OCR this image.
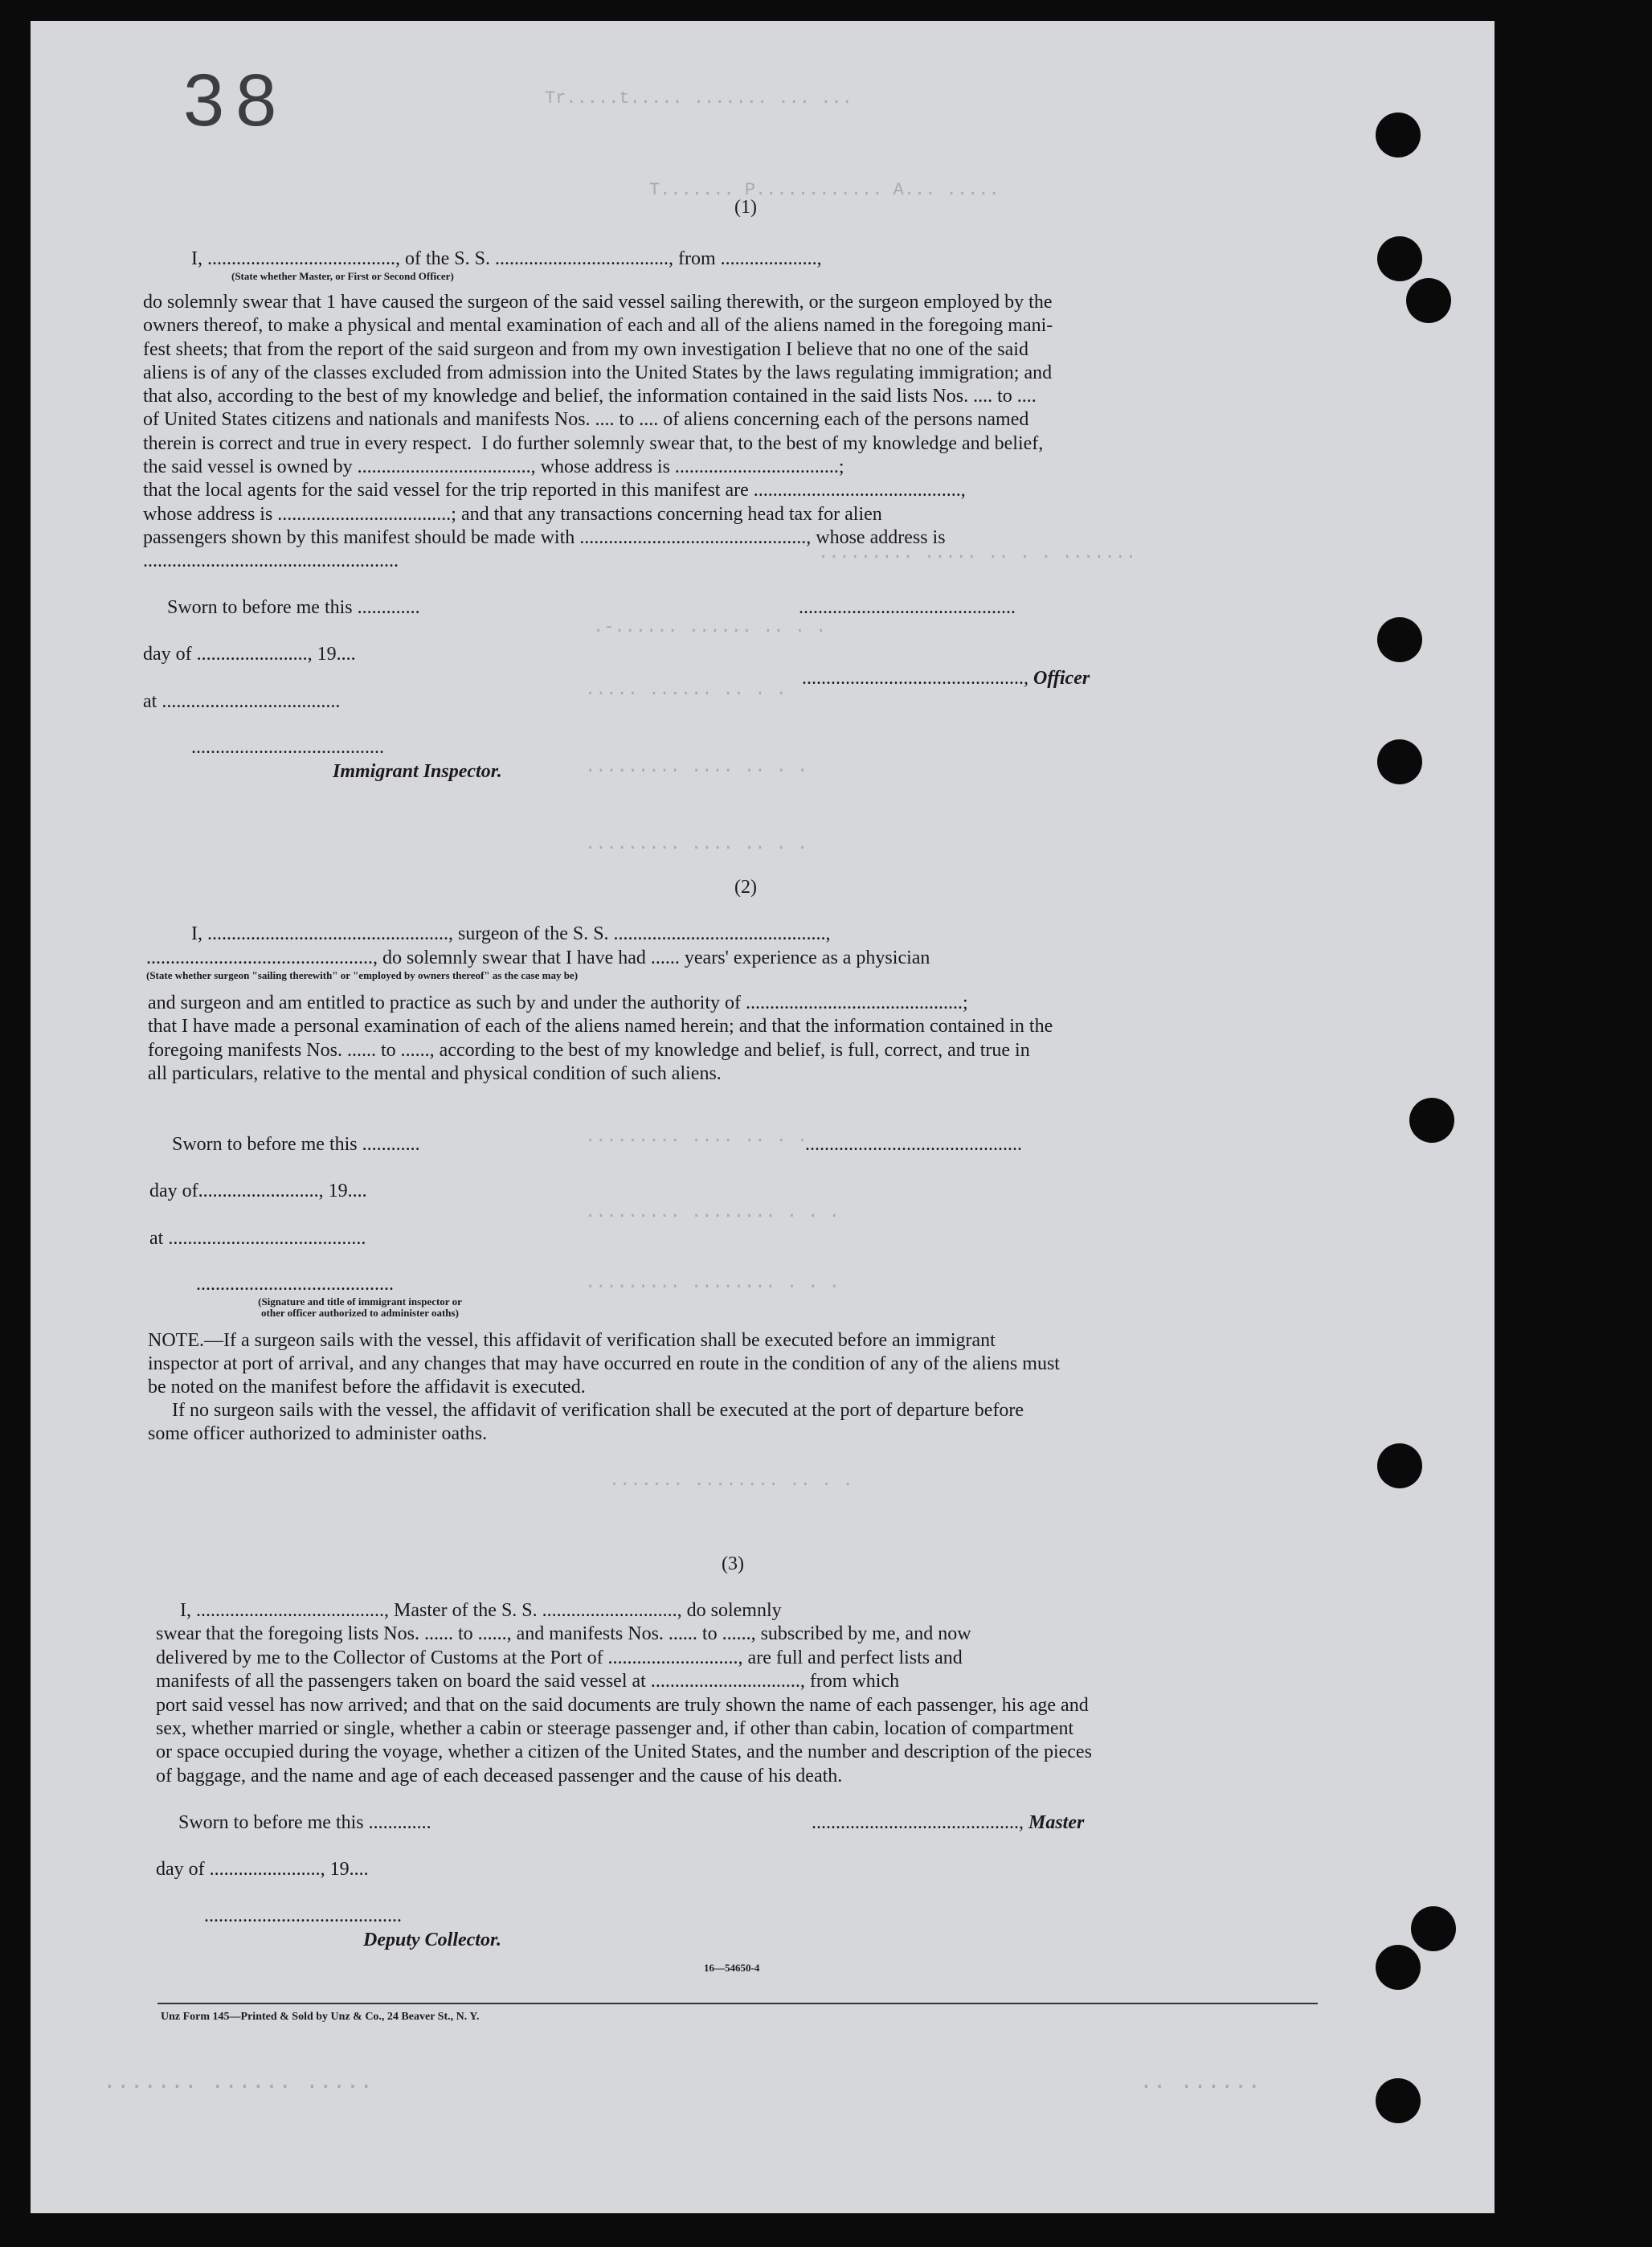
Tr.....t..... ....... ... ...
T....... P............ A... .....
......... ..... .. . . .......
.-...... ...... .. . .
..... ...... .. . .
......... .... .. . .
......... .... .. . .
......... .... .. . .
......... ........ . . .
......... ........ . . .
....... ........ .. . .
....... ...... .....	.. ......
38
(1)
I, ......................................., of the S. S. ...................................., from ....................,
(State whether Master, or First or Second Officer)
do solemnly swear that 1 have caused the surgeon of the said vessel sailing therewith, or the surgeon employed by the
owners thereof, to make a physical and mental examination of each and all of the aliens named in the foregoing mani-
fest sheets; that from the report of the said surgeon and from my own investigation I believe that no one of the said
aliens is of any of the classes excluded from admission into the United States by the laws regulating immigration; and
that also, according to the best of my knowledge and belief, the information contained in the said lists Nos. .... to ....
of United States citizens and nationals and manifests Nos. .... to .... of aliens concerning each of the persons named
therein is correct and true in every respect.  I do further solemnly swear that, to the best of my knowledge and belief,
the said vessel is owned by ...................................., whose address is ..................................;
that the local agents for the said vessel for the trip reported in this manifest are ...........................................,
whose address is ....................................; and that any transactions concerning head tax for alien
passengers shown by this manifest should be made with ..............................................., whose address is
.....................................................
Sworn to before me this .............
day of ......................., 19....
at .....................................
........................................
Immigrant Inspector.
.............................................
.............................................., Officer
(2)
I, .................................................., surgeon of the S. S. ............................................,
..............................................., do solemnly swear that I have had ...... years' experience as a physician
(State whether surgeon "sailing therewith" or "employed by owners thereof" as the case may be)
and surgeon and am entitled to practice as such by and under the authority of .............................................;
that I have made a personal examination of each of the aliens named herein; and that the information contained in the
foregoing manifests Nos. ...... to ......, according to the best of my knowledge and belief, is full, correct, and true in
all particulars, relative to the mental and physical condition of such aliens.
Sworn to before me this ............
day of........................., 19....
at .........................................
.........................................
(Signature and title of immigrant inspector or
other officer authorized to administer oaths)
.............................................
NOTE.—If a surgeon sails with the vessel, this affidavit of verification shall be executed before an immigrant
inspector at port of arrival, and any changes that may have occurred en route in the condition of any of the aliens must
be noted on the manifest before the affidavit is executed.
If no surgeon sails with the vessel, the affidavit of verification shall be executed at the port of departure before
some officer authorized to administer oaths.
(3)
I, ......................................., Master of the S. S. ............................, do solemnly
swear that the foregoing lists Nos. ...... to ......, and manifests Nos. ...... to ......, subscribed by me, and now
delivered by me to the Collector of Customs at the Port of ..........................., are full and perfect lists and
manifests of all the passengers taken on board the said vessel at ..............................., from which
port said vessel has now arrived; and that on the said documents are truly shown the name of each passenger, his age and
sex, whether married or single, whether a cabin or steerage passenger and, if other than cabin, location of compartment
or space occupied during the voyage, whether a citizen of the United States, and the number and description of the pieces
of baggage, and the name and age of each deceased passenger and the cause of his death.
Sworn to before me this .............
day of ......................., 19....
.........................................
Deputy Collector.
..........................................., Master
16—54650-4
Unz Form 145—Printed & Sold by Unz & Co., 24 Beaver St., N. Y.
